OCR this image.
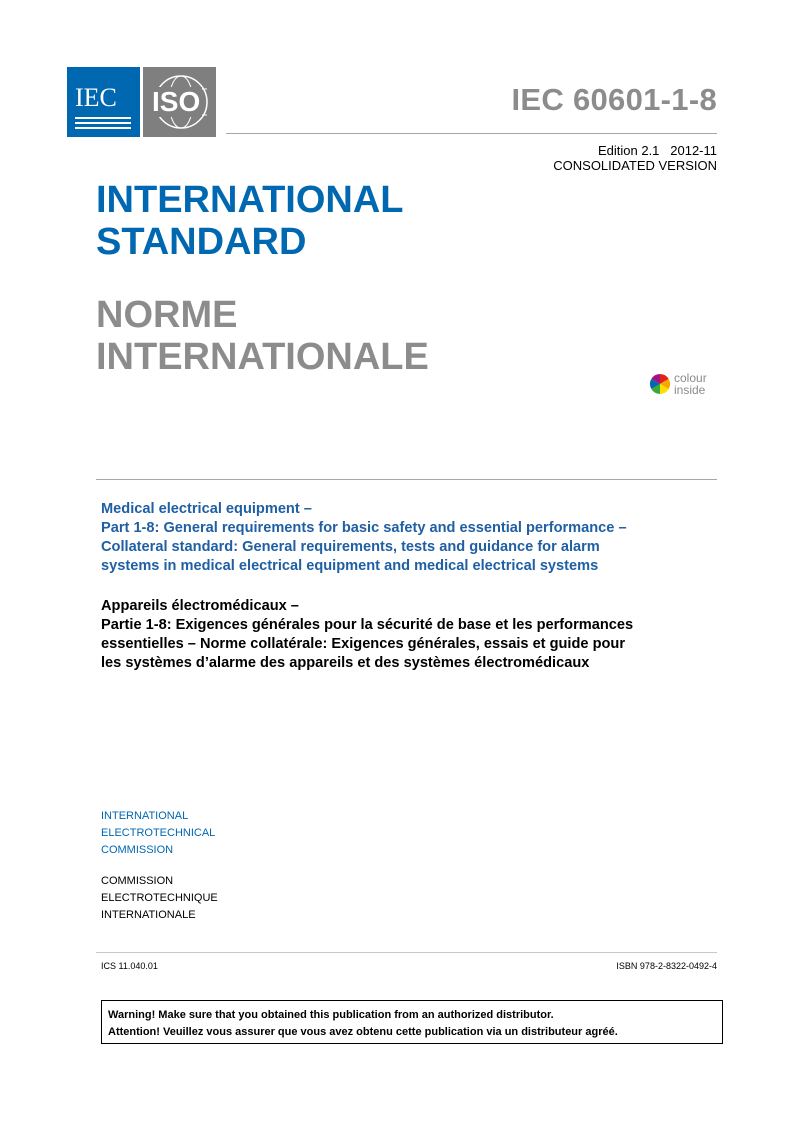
IEC ISO	IEC 60601-1-8
Edition 2.1   2012-11
CONSOLIDATED VERSION
INTERNATIONAL
STANDARD
NORME
INTERNATIONALE	colour
inside
Medical electrical equipment –
Part 1-8: General requirements for basic safety and essential performance –
Collateral standard: General requirements, tests and guidance for alarm
systems in medical electrical equipment and medical electrical systems
Appareils électromédicaux –
Partie 1-8: Exigences générales pour la sécurité de base et les performances
essentielles – Norme collatérale: Exigences générales, essais et guide pour
les systèmes d’alarme des appareils et des systèmes électromédicaux
INTERNATIONAL
ELECTROTECHNICAL
COMMISSION
COMMISSION
ELECTROTECHNIQUE
INTERNATIONALE
ICS 11.040.01	ISBN 978-2-8322-0492-4
Warning! Make sure that you obtained this publication from an authorized distributor.
Attention! Veuillez vous assurer que vous avez obtenu cette publication via un distributeur agréé.
